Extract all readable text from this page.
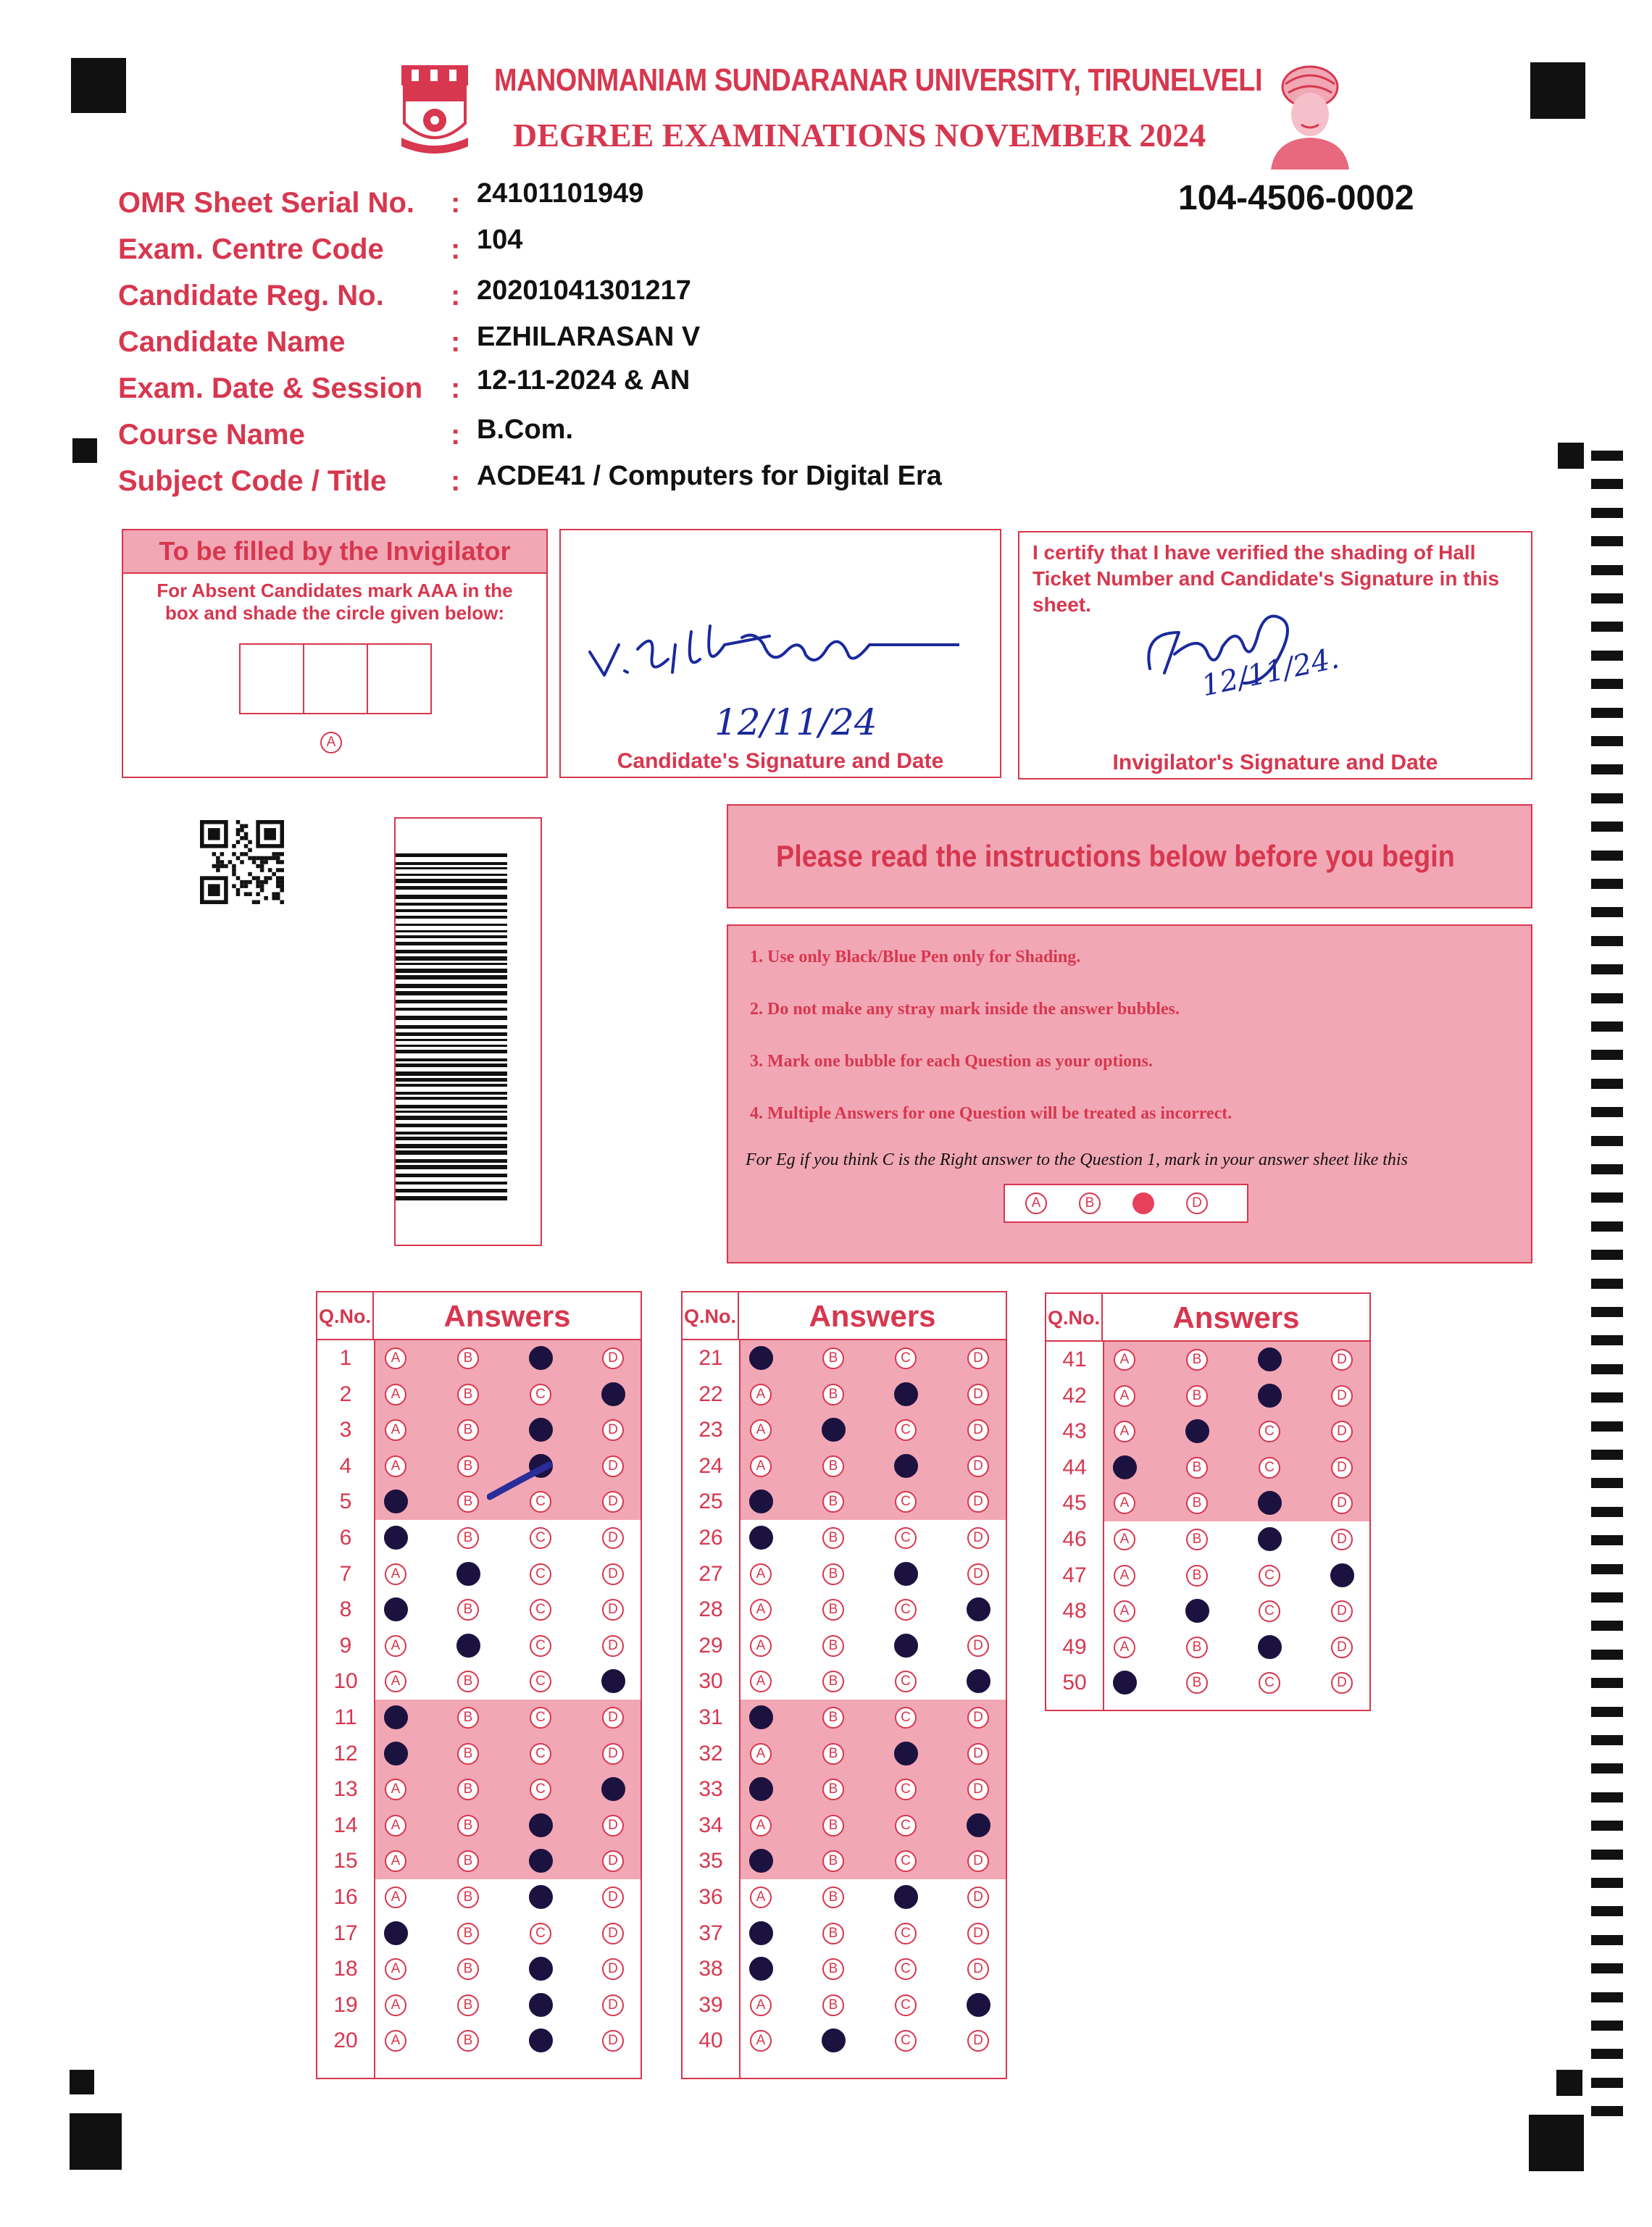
MANONMANIAM SUNDARANAR UNIVERSITY, TIRUNELVELI
DEGREE EXAMINATIONS NOVEMBER 2024
104-4506-0002
OMR Sheet Serial No. : 24101101949
Exam. Centre Code : 104
Candidate Reg. No. : 20201041301217
Candidate Name	: EZHILARASAN V
Exam. Date & Session : 12-11-2024 & AN
Course Name	: B.Com.
Subject Code / Title : ACDE41 / Computers for Digital Era
To be filled by the Invigilator
For Absent Candidates mark AAA in the box and shade the circle given below:
A	12/11/24
Candidate's Signature and Date
I certify that I have verified the shading of Hall Ticket Number and Candidate's Signature in this sheet.
12/11/24.
Invigilator's Signature and Date
Please read the instructions below before you begin
1. Use only Black/Blue Pen only for Shading.
2. Do not make any stray mark inside the answer bubbles.
3. Mark one bubble for each Question as your options.
4. Multiple Answers for one Question will be treated as incorrect.
For Eg if you think C is the Right answer to the Question 1, mark in your answer sheet like this
A	B	D
Q.No.	Answers
1	A	B	D
2	A	B	C
3	A	B	D
4	A	B	D
5	B	C	D
6	B	C	D
7	A	C	D
8	B	C	D
9	A	C	D
10	A	B	C
11	B	C	D
12	B	C	D
13	A	B	C
14	A	B	D
15	A	B	D
16	A	B	D
17	B	C	D
18	A	B	D
19	A	B	D
20	A	B	D
Q.No.	Answers
21	B	C	D
22	A	B	D
23	A	C	D
24	A	B	D
25	B	C	D
26	B	C	D
27	A	B	D
28	A	B	C
29	A	B	D
30	A	B	C
31	B	C	D
32	A	B	D
33	B	C	D
34	A	B	C
35	B	C	D
36	A	B	D
37	B	C	D
38	B	C	D
39	A	B	C
40	A	C	D
Q.No.	Answers
41	A	B	D
42	A	B	D
43	A	C	D
44	B	C	D
45	A	B	D
46	A	B	D
47	A	B	C
48	A	C	D
49	A	B	D
50	B	C	D
